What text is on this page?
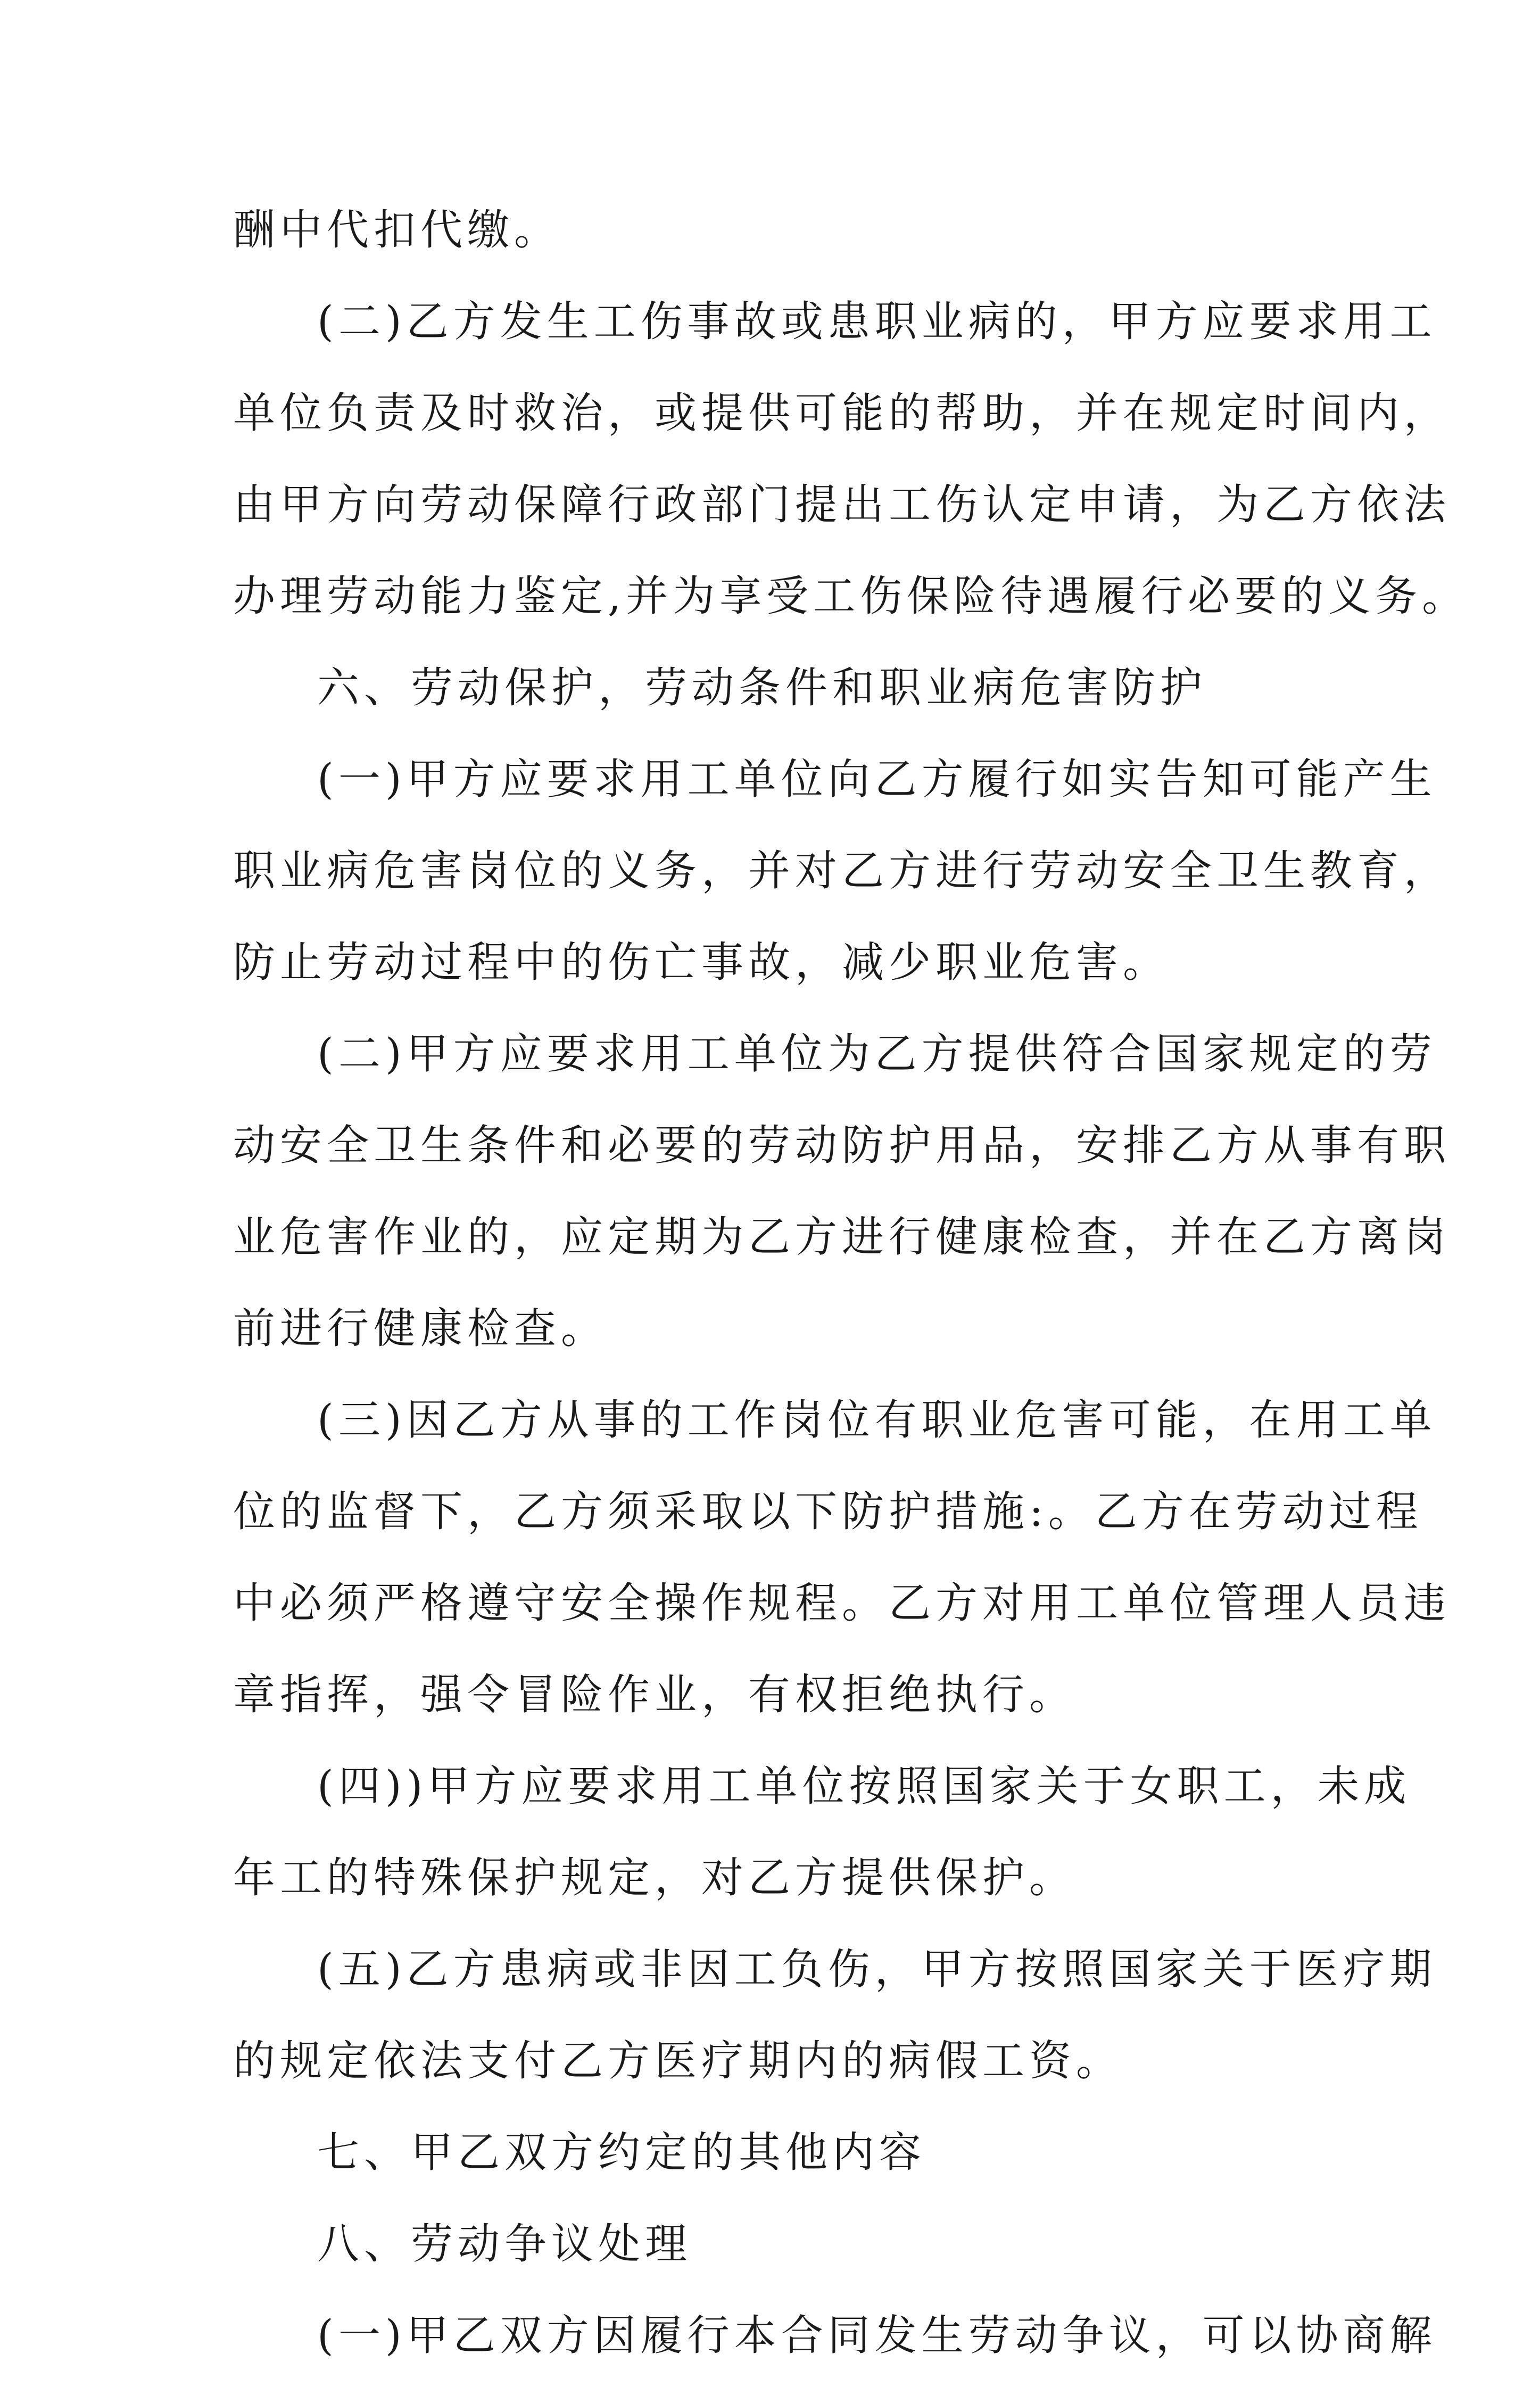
酬中代扣代缴。
(二)乙方发生工伤事故或患职业病的，甲方应要求用工
单位负责及时救治，或提供可能的帮助，并在规定时间内，
由甲方向劳动保障行政部门提出工伤认定申请，为乙方依法
办理劳动能力鉴定,并为享受工伤保险待遇履行必要的义务。
六、劳动保护，劳动条件和职业病危害防护
(一)甲方应要求用工单位向乙方履行如实告知可能产生
职业病危害岗位的义务，并对乙方进行劳动安全卫生教育，
防止劳动过程中的伤亡事故，减少职业危害。
(二)甲方应要求用工单位为乙方提供符合国家规定的劳
动安全卫生条件和必要的劳动防护用品，安排乙方从事有职
业危害作业的，应定期为乙方进行健康检查，并在乙方离岗
前进行健康检查。
(三)因乙方从事的工作岗位有职业危害可能，在用工单
位的监督下，乙方须采取以下防护措施:。乙方在劳动过程
中必须严格遵守安全操作规程。乙方对用工单位管理人员违
章指挥，强令冒险作业，有权拒绝执行。
(四))甲方应要求用工单位按照国家关于女职工，未成
年工的特殊保护规定，对乙方提供保护。
(五)乙方患病或非因工负伤，甲方按照国家关于医疗期
的规定依法支付乙方医疗期内的病假工资。
七、甲乙双方约定的其他内容
八、劳动争议处理
(一)甲乙双方因履行本合同发生劳动争议，可以协商解
